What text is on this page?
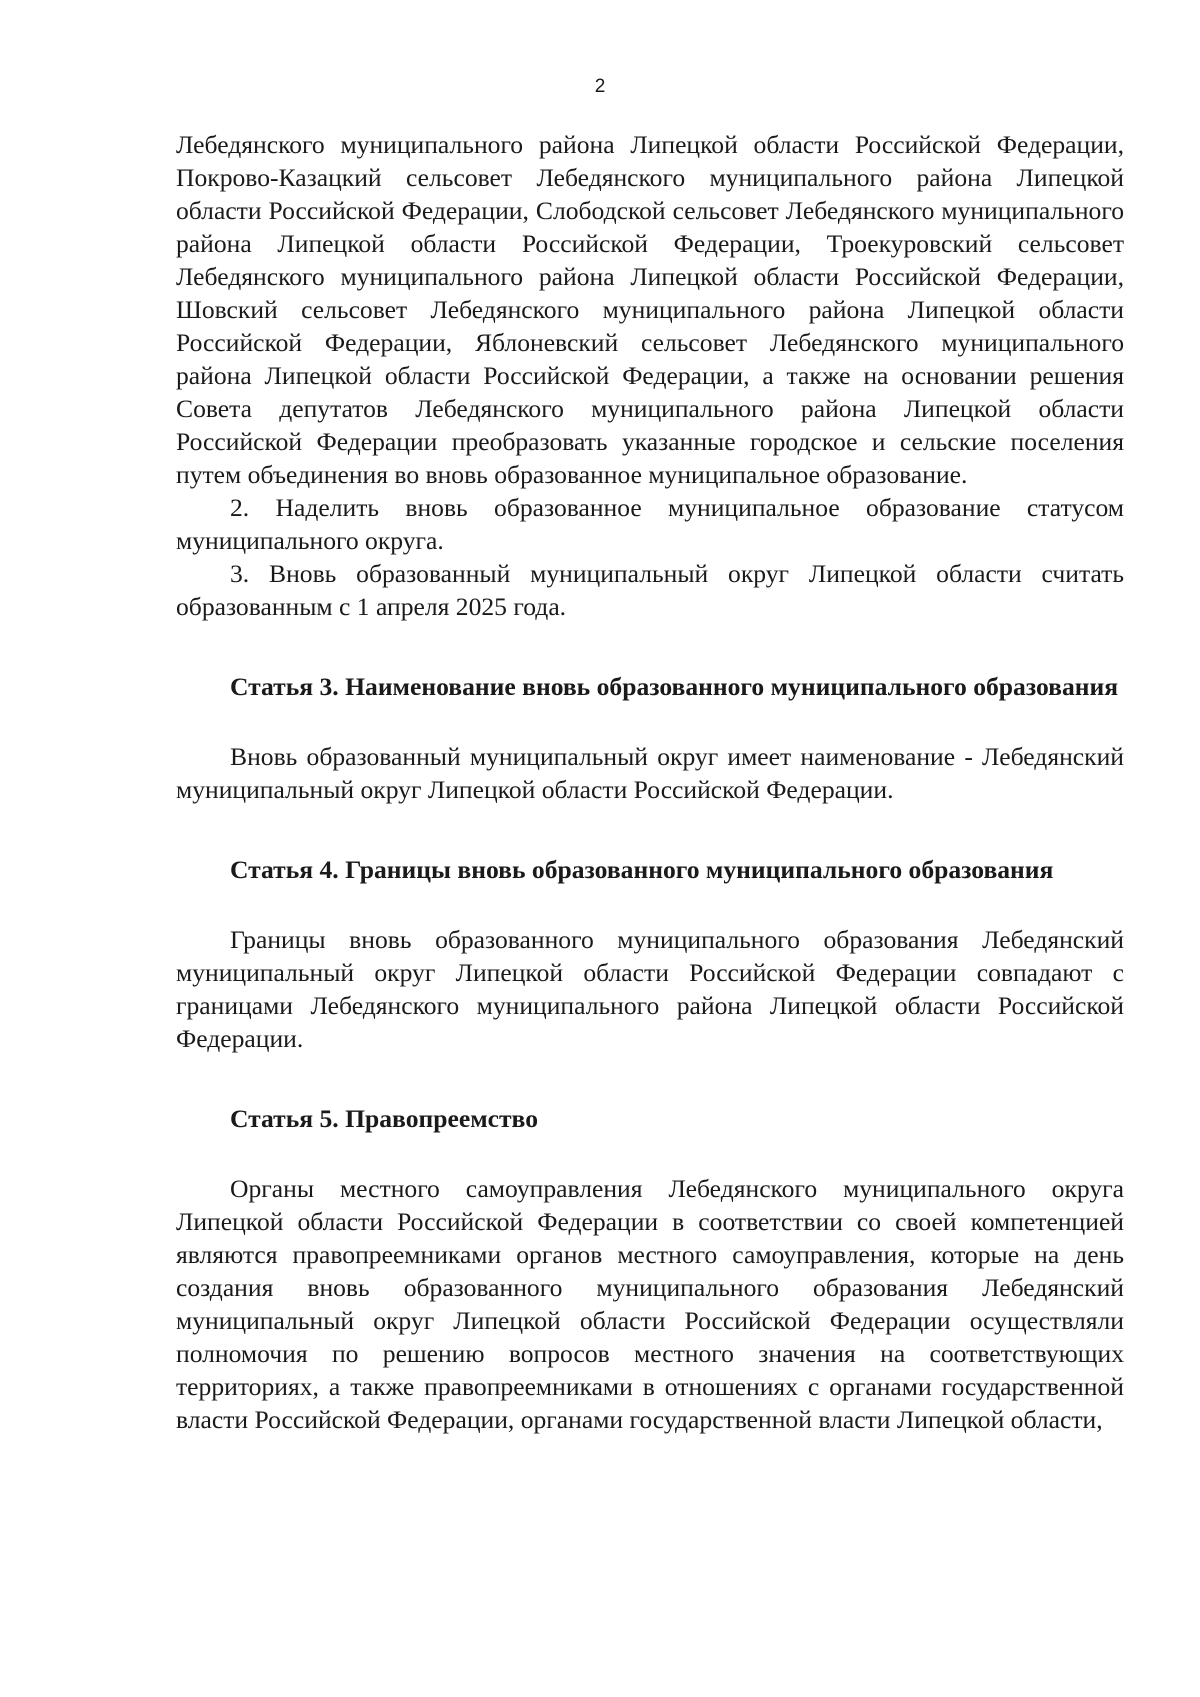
2

Лебедянского муниципального района Липецкой области Российской Федерации, Покрово-Казацкий сельсовет Лебедянского муниципального района Липецкой области Российской Федерации, Слободской сельсовет Лебедянского муниципального района Липецкой области Российской Федерации, Троекуровский сельсовет Лебедянского муниципального района Липецкой области Российской Федерации, Шовский сельсовет Лебедянского муниципального района Липецкой области Российской Федерации, Яблоневский сельсовет Лебедянского муниципального района Липецкой области Российской Федерации, а также на основании решения Совета депутатов Лебедянского муниципального района Липецкой области Российской Федерации преобразовать указанные городское и сельские поселения путем объединения во вновь образованное муниципальное образование.

2. Наделить вновь образованное муниципальное образование статусом муниципального округа.

3. Вновь образованный муниципальный округ Липецкой области считать образованным с 1 апреля 2025 года.

Статья 3. Наименование вновь образованного муниципального образования

Вновь образованный муниципальный округ имеет наименование - Лебедянский муниципальный округ Липецкой области Российской Федерации.

Статья 4. Границы вновь образованного муниципального образования

Границы вновь образованного муниципального образования Лебедянский муниципальный округ Липецкой области Российской Федерации совпадают с границами Лебедянского муниципального района Липецкой области Российской Федерации.

Статья 5. Правопреемство

Органы местного самоуправления Лебедянского муниципального округа Липецкой области Российской Федерации в соответствии со своей компетенцией являются правопреемниками органов местного самоуправления, которые на день создания вновь образованного муниципального образования Лебедянский муниципальный округ Липецкой области Российской Федерации осуществляли полномочия по решению вопросов местного значения на соответствующих территориях, а также правопреемниками в отношениях с органами государственной власти Российской Федерации, органами государственной власти Липецкой области,
